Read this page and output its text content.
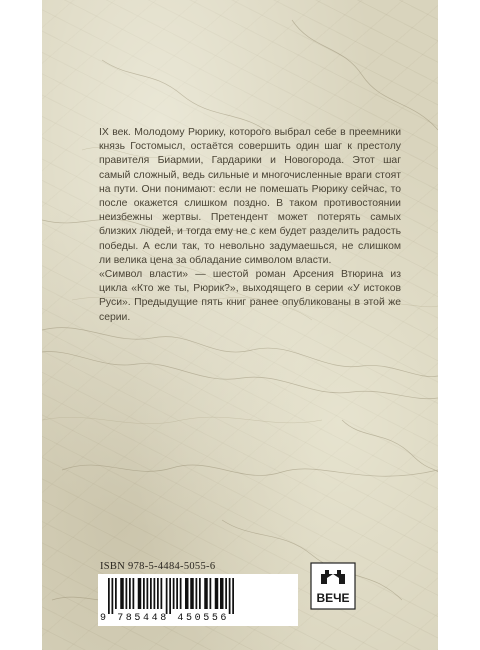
IX век. Молодому Рюрику, которого выбрал себе в преемники князь Гостомысл, остаётся совершить один шаг к престолу правителя Биармии, Гардарики и Новогорода. Этот шаг самый сложный, ведь сильные и многочисленные враги стоят на пути. Они понимают: если не помешать Рюрику сейчас, то после окажется слишком поздно. В таком противостоянии неизбежны жертвы. Претендент может потерять самых близких людей, и тогда ему не с кем будет разделить радость победы. А если так, то невольно задумаешься, не слишком ли велика цена за обладание символом власти.

«Символ власти» — шестой роман Арсения Втюрина из цикла «Кто же ты, Рюрик?», выходящего в серии «У истоков Руси». Предыдущие пять книг ранее опубликованы в этой же серии.

ISBN 978-5-4484-5055-6
9 785448 450556
ВЕЧЕ
